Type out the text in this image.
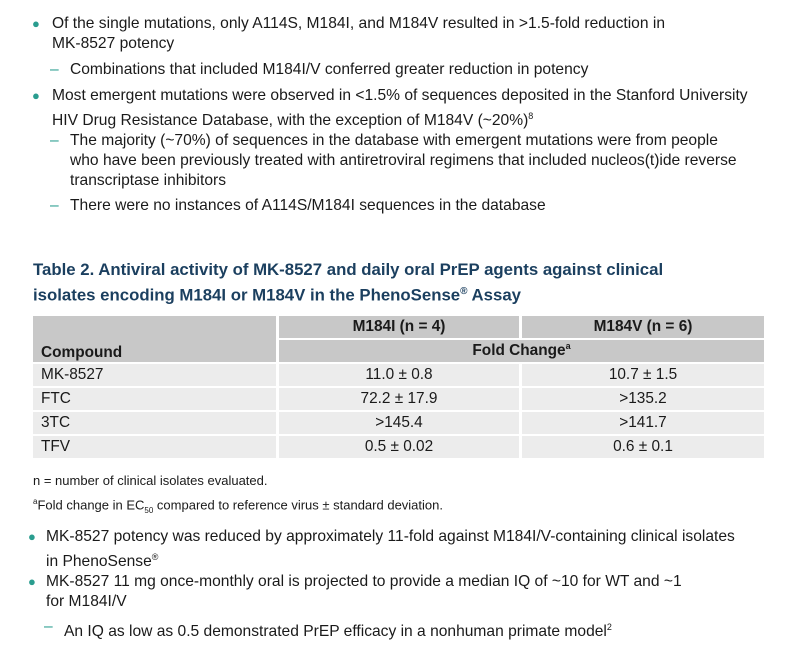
● Of the single mutations, only A114S, M184I, and M184V resulted in >1.5-fold reduction in
MK-8527 potency
– Combinations that included M184I/V conferred greater reduction in potency
● Most emergent mutations were observed in <1.5% of sequences deposited in the Stanford University
HIV Drug Resistance Database, with the exception of M184V (~20%)$^8$
– The majority (~70%) of sequences in the database with emergent mutations were from people
who have been previously treated with antiretroviral regimens that included nucleos(t)ide reverse
transcriptase inhibitors
– There were no instances of A114S/M184I sequences in the database
Table 2. Antiviral activity of MK-8527 and daily oral PrEP agents against clinical
isolates encoding M184I or M184V in the PhenoSense® Assay
Compound	M184I (n = 4)	M184V (n = 6)
	Fold Change$^a$
MK-8527	11.0 ± 0.8	10.7 ± 1.5
FTC	72.2 ± 17.9	>135.2
3TC	>145.4	>141.7
TFV	0.5 ± 0.02	0.6 ± 0.1
n = number of clinical isolates evaluated.
$^a$Fold change in $EC_{50}$ compared to reference virus ± standard deviation.
● MK-8527 potency was reduced by approximately 11-fold against M184I/V-containing clinical isolates
in PhenoSense®
● MK-8527 11 mg once-monthly oral is projected to provide a median IQ of ~10 for WT and ~1
for M184I/V
– An IQ as low as 0.5 demonstrated PrEP efficacy in a nonhuman primate model$^2$
